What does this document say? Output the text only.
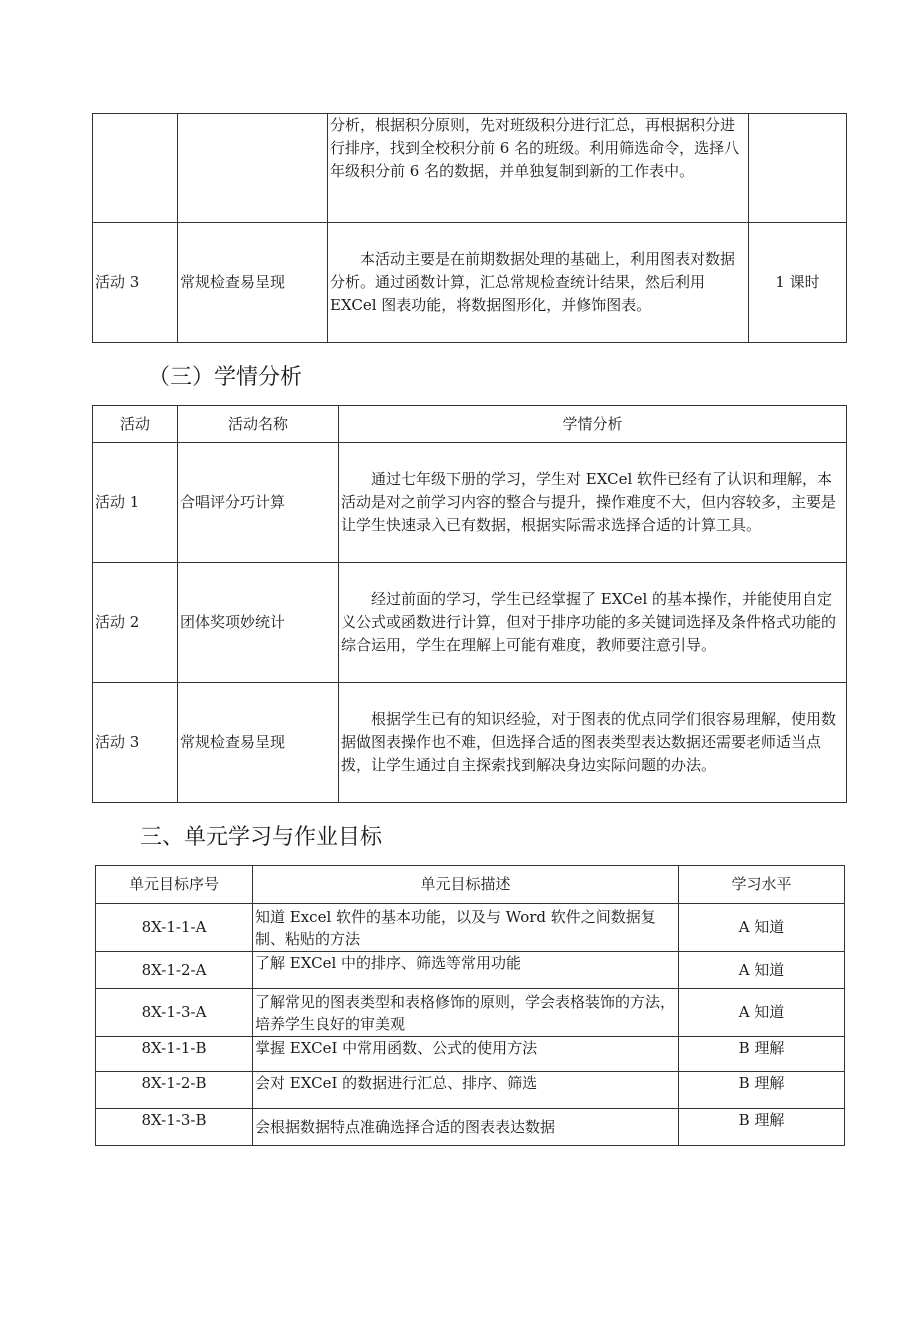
		分析，根据积分原则，先对班级积分进行汇总，再根据积分进行排序，找到全校积分前 6 名的班级。利用筛选命令，选择八年级积分前 6 名的数据，并单独复制到新的工作表中。	
活动 3	常规检查易呈现	本活动主要是在前期数据处理的基础上，利用图表对数据分析。通过函数计算，汇总常规检查统计结果，然后利用 EXCel 图表功能，将数据图形化，并修饰图表。	1 课时
（三）学情分析
活动	活动名称	学情分析
活动 1	合唱评分巧计算	通过七年级下册的学习，学生对 EXCel 软件已经有了认识和理解，本活动是对之前学习内容的整合与提升，操作难度不大，但内容较多，主要是让学生快速录入已有数据，根据实际需求选择合适的计算工具。
活动 2	团体奖项妙统计	经过前面的学习，学生已经掌握了 EXCel 的基本操作，并能使用自定义公式或函数进行计算，但对于排序功能的多关键词选择及条件格式功能的综合运用，学生在理解上可能有难度，教师要注意引导。
活动 3	常规检查易呈现	根据学生已有的知识经验，对于图表的优点同学们很容易理解，使用数据做图表操作也不难，但选择合适的图表类型表达数据还需要老师适当点拨，让学生通过自主探索找到解决身边实际问题的办法。
三、单元学习与作业目标
单元目标序号	单元目标描述	学习水平
8X-1-1-A	知道 Excel 软件的基本功能，以及与 Word 软件之间数据复制、粘贴的方法	A 知道
8X-1-2-A	了解 EXCel 中的排序、筛选等常用功能	A 知道
8X-1-3-A	了解常见的图表类型和表格修饰的原则，学会表格装饰的方法，培养学生良好的审美观	A 知道
8X-1-1-B	掌握 EXCeI 中常用函数、公式的使用方法	B 理解
8X-1-2-B	会对 EXCeI 的数据进行汇总、排序、筛选	B 理解
8X-1-3-B	会根据数据特点准确选择合适的图表表达数据	B 理解
